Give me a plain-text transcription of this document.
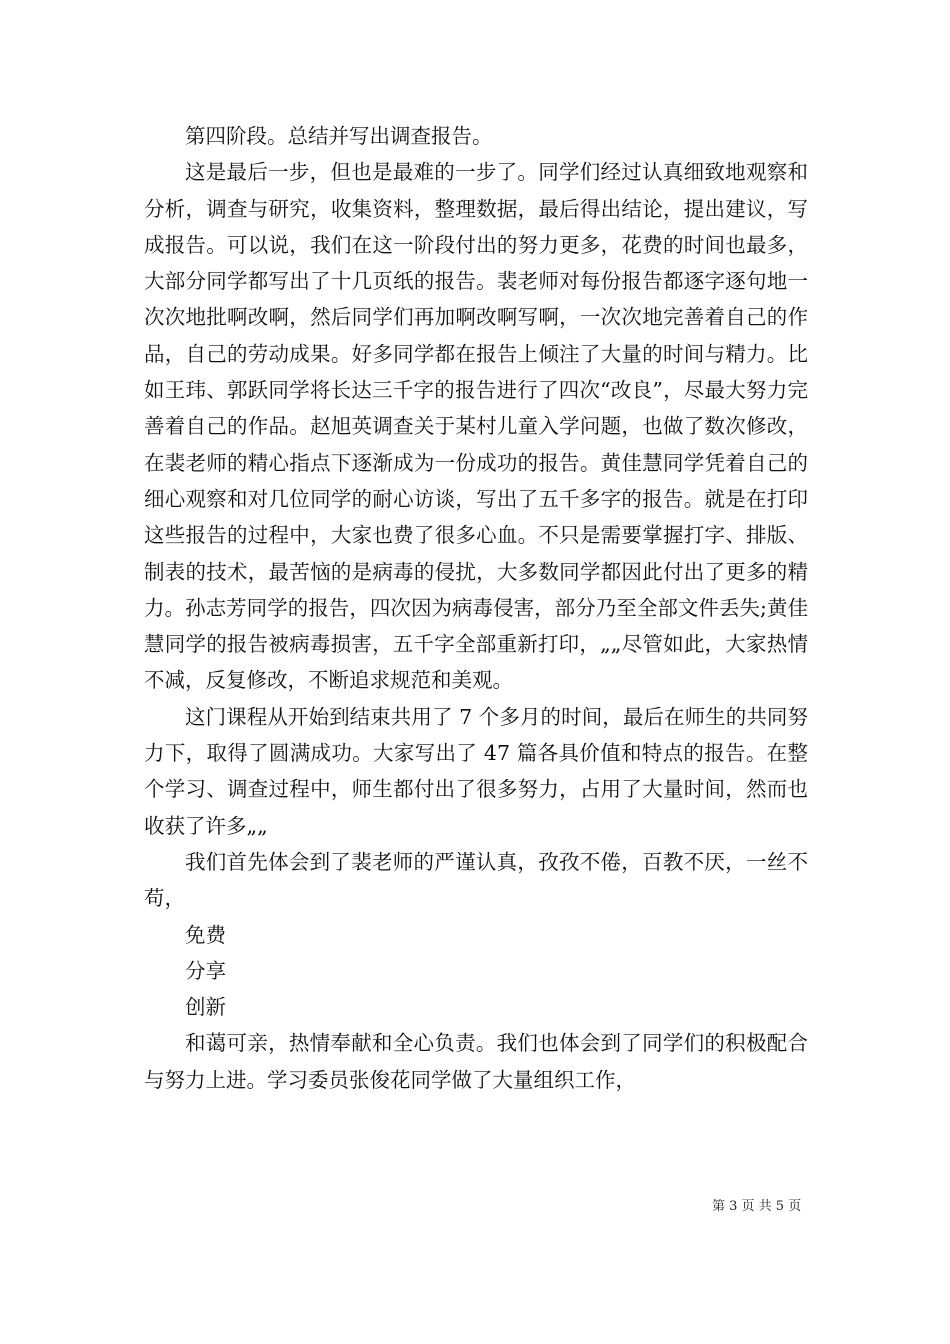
第四阶段。总结并写出调查报告。

这是最后一步，但也是最难的一步了。同学们经过认真细致地观察和分析，调查与研究，收集资料，整理数据，最后得出结论，提出建议，写成报告。可以说，我们在这一阶段付出的努力更多，花费的时间也最多，大部分同学都写出了十几页纸的报告。裴老师对每份报告都逐字逐句地一次次地批啊改啊，然后同学们再加啊改啊写啊，一次次地完善着自己的作品，自己的劳动成果。好多同学都在报告上倾注了大量的时间与精力。比如王玮、郭跃同学将长达三千字的报告进行了四次“改良”，尽最大努力完善着自己的作品。赵旭英调查关于某村儿童入学问题，也做了数次修改，在裴老师的精心指点下逐渐成为一份成功的报告。黄佳慧同学凭着自己的细心观察和对几位同学的耐心访谈，写出了五千多字的报告。就是在打印这些报告的过程中，大家也费了很多心血。不只是需要掌握打字、排版、制表的技术，最苦恼的是病毒的侵扰，大多数同学都因此付出了更多的精力。孙志芳同学的报告，四次因为病毒侵害，部分乃至全部文件丢失;黄佳慧同学的报告被病毒损害，五千字全部重新打印，„„尽管如此，大家热情不减，反复修改，不断追求规范和美观。

这门课程从开始到结束共用了 7 个多月的时间，最后在师生的共同努力下，取得了圆满成功。大家写出了 47 篇各具价值和特点的报告。在整个学习、调查过程中，师生都付出了很多努力，占用了大量时间，然而也收获了许多„„

我们首先体会到了裴老师的严谨认真，孜孜不倦，百教不厌，一丝不苟，

免费

分享

创新

和蔼可亲，热情奉献和全心负责。我们也体会到了同学们的积极配合与努力上进。学习委员张俊花同学做了大量组织工作，

第 3 页 共 5 页
